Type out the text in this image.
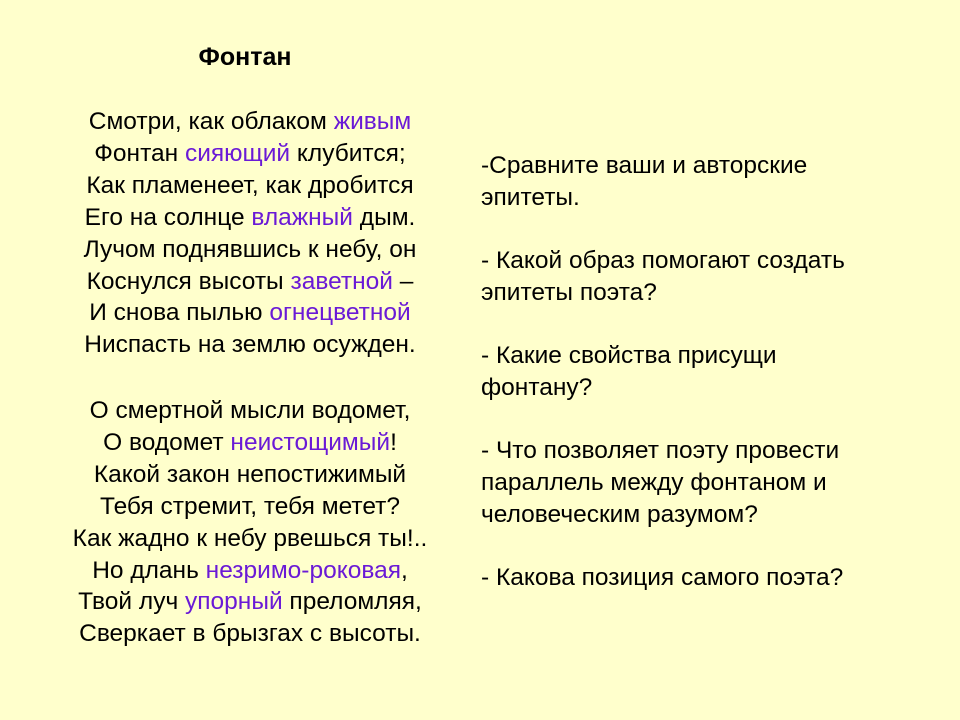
Фонтан
Смотри, как облаком живым
Фонтан сияющий клубится;
Как пламенеет, как дробится
Его на солнце влажный дым.
Лучом поднявшись к небу, он
Коснулся высоты заветной –
И снова пылью огнецветной
Ниспасть на землю осужден.
О смертной мысли водомет,
О водомет неистощимый!
Какой закон непостижимый
Тебя стремит, тебя метет?
Как жадно к небу рвешься ты!..
Но длань незримо-роковая,
Твой луч упорный преломляя,
Сверкает в брызгах с высоты.

-Сравните ваши и авторские
эпитеты.

- Какой образ помогают создать
эпитеты поэта?

- Какие свойства присущи
фонтану?

- Что позволяет поэту провести
параллель между фонтаном и
человеческим разумом?

- Какова позиция самого поэта?
